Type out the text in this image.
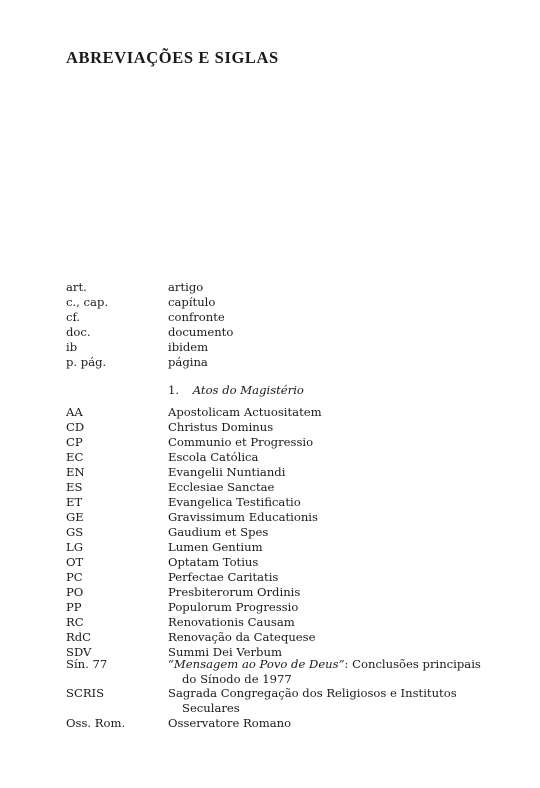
ABREVIAÇÕES E SIGLAS
art.	artigo
c., cap.	capítulo
cf.	confronte
doc.	documento
ib	ibidem
p. pág.	página
1. Atos do Magistério
AA	Apostolicam Actuositatem
CD	Christus Dominus
CP	Communio et Progressio
EC	Escola Católica
EN	Evangelii Nuntiandi
ES	Ecclesiae Sanctae
ET	Evangelica Testificatio
GE	Gravissimum Educationis
GS	Gaudium et Spes
LG	Lumen Gentium
OT	Optatam Totius
PC	Perfectae Caritatis
PO	Presbiterorum Ordinis
PP	Populorum Progressio
RC	Renovationis Causam
RdC	Renovação da Catequese
SDV	Summi Dei Verbum
Sín. 77	“Mensagem ao Povo de Deus”: Conclusões principais
do Sínodo de 1977
SCRIS	Sagrada Congregação dos Religiosos e Institutos
Seculares
Oss. Rom.	Osservatore Romano
